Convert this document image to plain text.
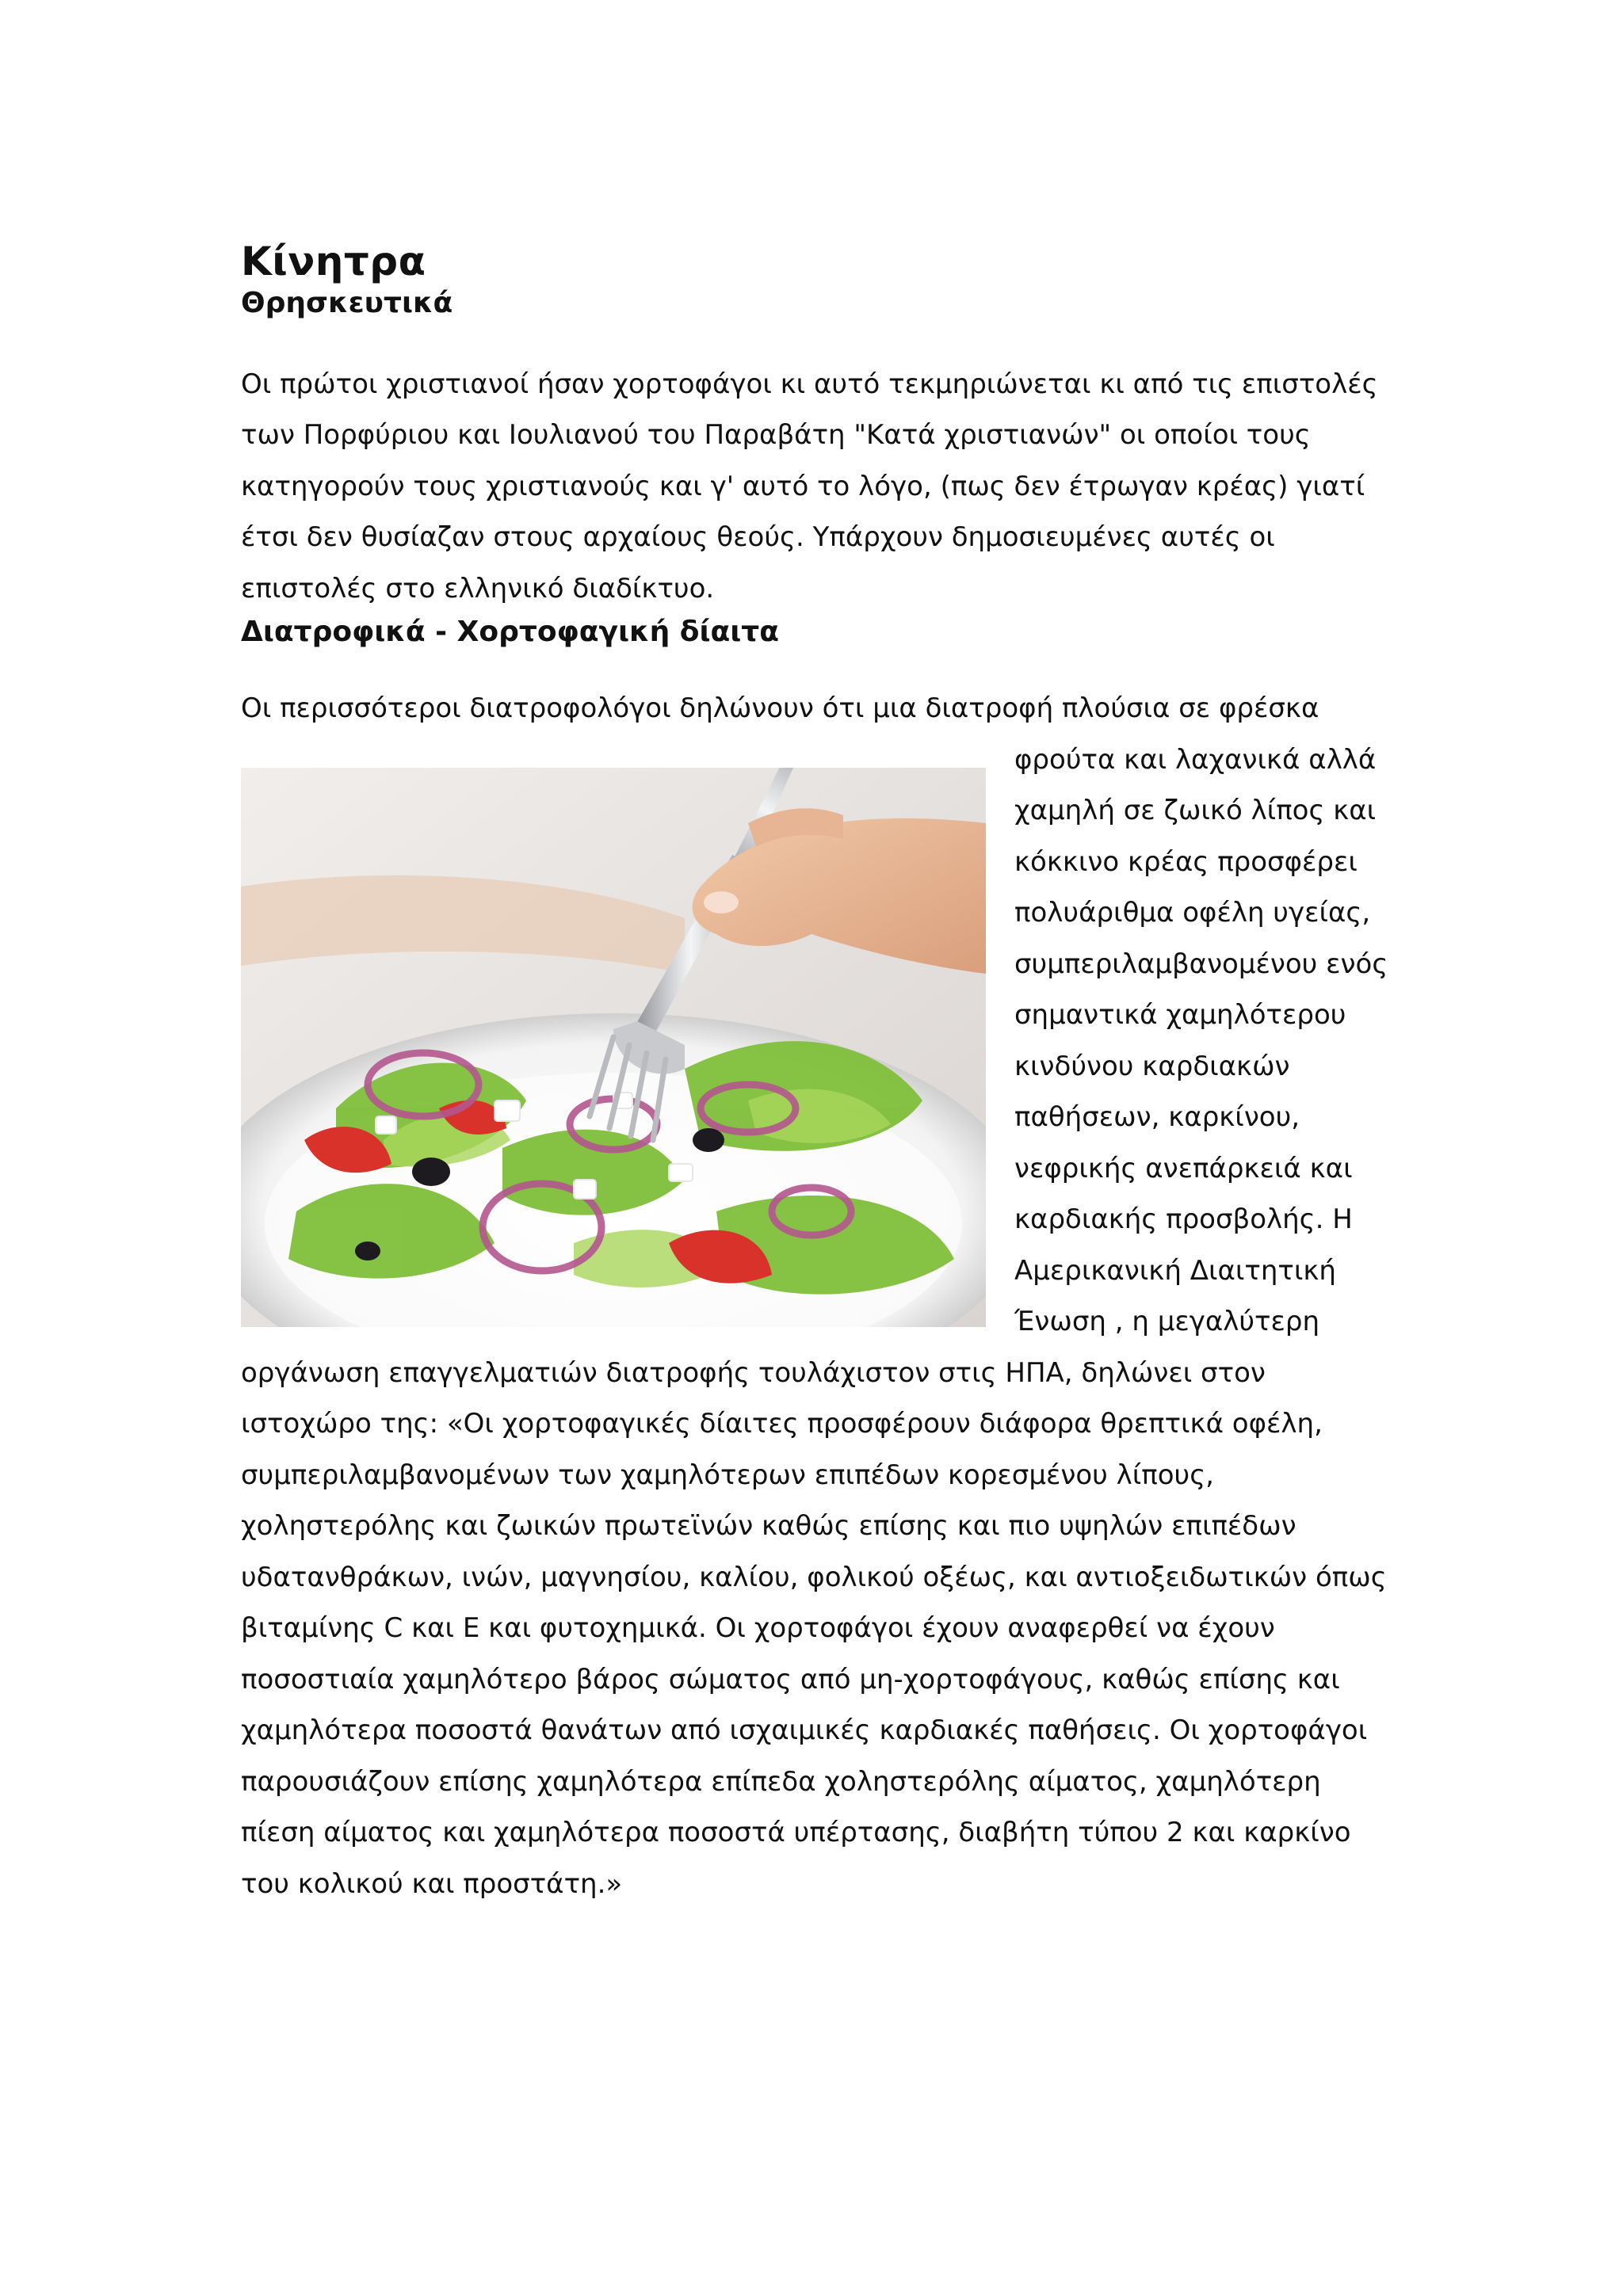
Κίνητρα
Θρησκευτικά

Οι πρώτοι χριστιανοί ήσαν χορτοφάγοι κι αυτό τεκμηριώνεται κι από τις επιστολές των Πορφύριου και Ιουλιανού του Παραβάτη "Κατά χριστιανών" οι οποίοι τους κατηγορούν τους χριστιανούς και γ' αυτό το λόγο, (πως δεν έτρωγαν κρέας) γιατί έτσι δεν θυσίαζαν στους αρχαίους θεούς. Υπάρχουν δημοσιευμένες αυτές οι επιστολές στο ελληνικό διαδίκτυο.

Διατροφικά - Χορτοφαγική δίαιτα
Οι περισσότεροι διατροφολόγοι δηλώνουν ότι μια διατροφή πλούσια σε φρέσκα
φρούτα και λαχανικά αλλά χαμηλή σε ζωικό λίπος και κόκκινο κρέας προσφέρει πολυάριθμα οφέλη υγείας, συμπεριλαμβανομένου ενός σημαντικά χαμηλότερου κινδύνου καρδιακών παθήσεων, καρκίνου, νεφρικής ανεπάρκειά και καρδιακής προσβολής. Η Αμερικανική Διαιτητική Ένωση , η μεγαλύτερη οργάνωση επαγγελματιών διατροφής τουλάχιστον στις ΗΠΑ, δηλώνει στον ιστοχώρο της: «Οι χορτοφαγικές δίαιτες προσφέρουν διάφορα θρεπτικά οφέλη, συμπεριλαμβανομένων των χαμηλότερων επιπέδων κορεσμένου λίπους, χοληστερόλης και ζωικών πρωτεϊνών καθώς επίσης και πιο υψηλών επιπέδων υδατανθράκων, ινών, μαγνησίου, καλίου, φολικού οξέως, και αντιοξειδωτικών όπως βιταμίνης C και E και φυτοχημικά. Οι χορτοφάγοι έχουν αναφερθεί να έχουν ποσοστιαία χαμηλότερο βάρος σώματος από μη-χορτοφάγους, καθώς επίσης και χαμηλότερα ποσοστά θανάτων από ισχαιμικές καρδιακές παθήσεις. Οι χορτοφάγοι παρουσιάζουν επίσης χαμηλότερα επίπεδα χοληστερόλης αίματος, χαμηλότερη πίεση αίματος και χαμηλότερα ποσοστά υπέρτασης, διαβήτη τύπου 2 και καρκίνο του κολικού και προστάτη.»
